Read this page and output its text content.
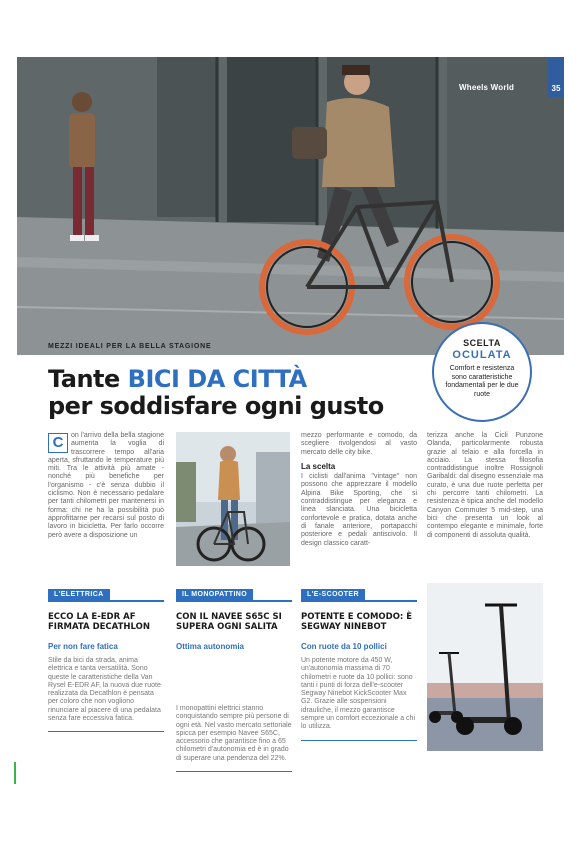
Wheels World	35
MEZZI IDEALI PER LA BELLA STAGIONE	SCELTA
OCULATA
Comfort e resistenza sono caratteristiche fondamentali per le due ruote
Tante BICI DA CITTÀ
per soddisfare ogni gusto
C	on l'arrivo della bella stagione aumenta la voglia di trascorrere tempo all'aria aperta, sfruttando le temperature più miti. Tra le attività più amate - nonché più benefiche per l'organismo - c'è senza dubbio il ciclismo. Non è necessario pedalare per tanti chilometri per mantenersi in forma: chi ne ha la possibilità può approfittarne per recarsi sul posto di lavoro in bicicletta. Per farlo occorre però avere a disposizione un

mezzo performante e comodo, da scegliere rivolgendosi al vasto mercato delle city bike.

La scelta

I ciclisti dall'anima "vintage" non possono che apprezzare il modello Alpina Bike Sporting, che si contraddistingue per eleganza e linea slanciata. Una bicicletta confortevole e pratica, dotata anche di fanale anteriore, portapacchi posteriore e pedali antiscivolo. Il design classico caratt-

terizza anche la Cicli Punzone Olanda, particolarmente robusta grazie al telaio e alla forcella in acciaio. La stessa filosofia contraddistingue inoltre Rossignoli Garibaldi: dal disegno essenziale ma curato, è una due ruote perfetta per chi percorre tanti chilometri. La resistenza è tipica anche del modello Canyon Commuter 5 mid-step, una bici che presenta un look al contempo elegante e minimale, forte di componenti di assoluta qualità.

L'ELETTRICA
ECCO LA E-EDR AF FIRMATA DECATHLON
Per non fare fatica
Stile da bici da strada, anima elettrica e tanta versatilità. Sono queste le caratteristiche della Van Rysel E-EDR AF, la nuova due ruote realizzata da Decathlon è pensata per coloro che non vogliono rinunciare al piacere di una pedalata senza fare eccessiva fatica.
IL MONOPATTINO
CON IL NAVEE S65C SI SUPERA OGNI SALITA
Ottima autonomia
I monopattini elettrici stanno conquistando sempre più persone di ogni età. Nel vasto mercato settoriale spicca per esempio Navee S65C, accessorio che garantisce fino a 65 chilometri d'autonomia ed è in grado di superare una pendenza del 22%.
L'E-SCOOTER
POTENTE E COMODO: È SEGWAY NINEBOT
Con ruote da 10 pollici
Un potente motore da 450 W, un'autonomia massima di 70 chilometri e ruote da 10 pollici: sono tanti i punti di forza dell'e-scooter Segway Ninebot KickScooter Max G2. Grazie alle sospensioni idrauliche, il mezzo garantisce sempre un comfort eccezionale a chi lo utilizza.
